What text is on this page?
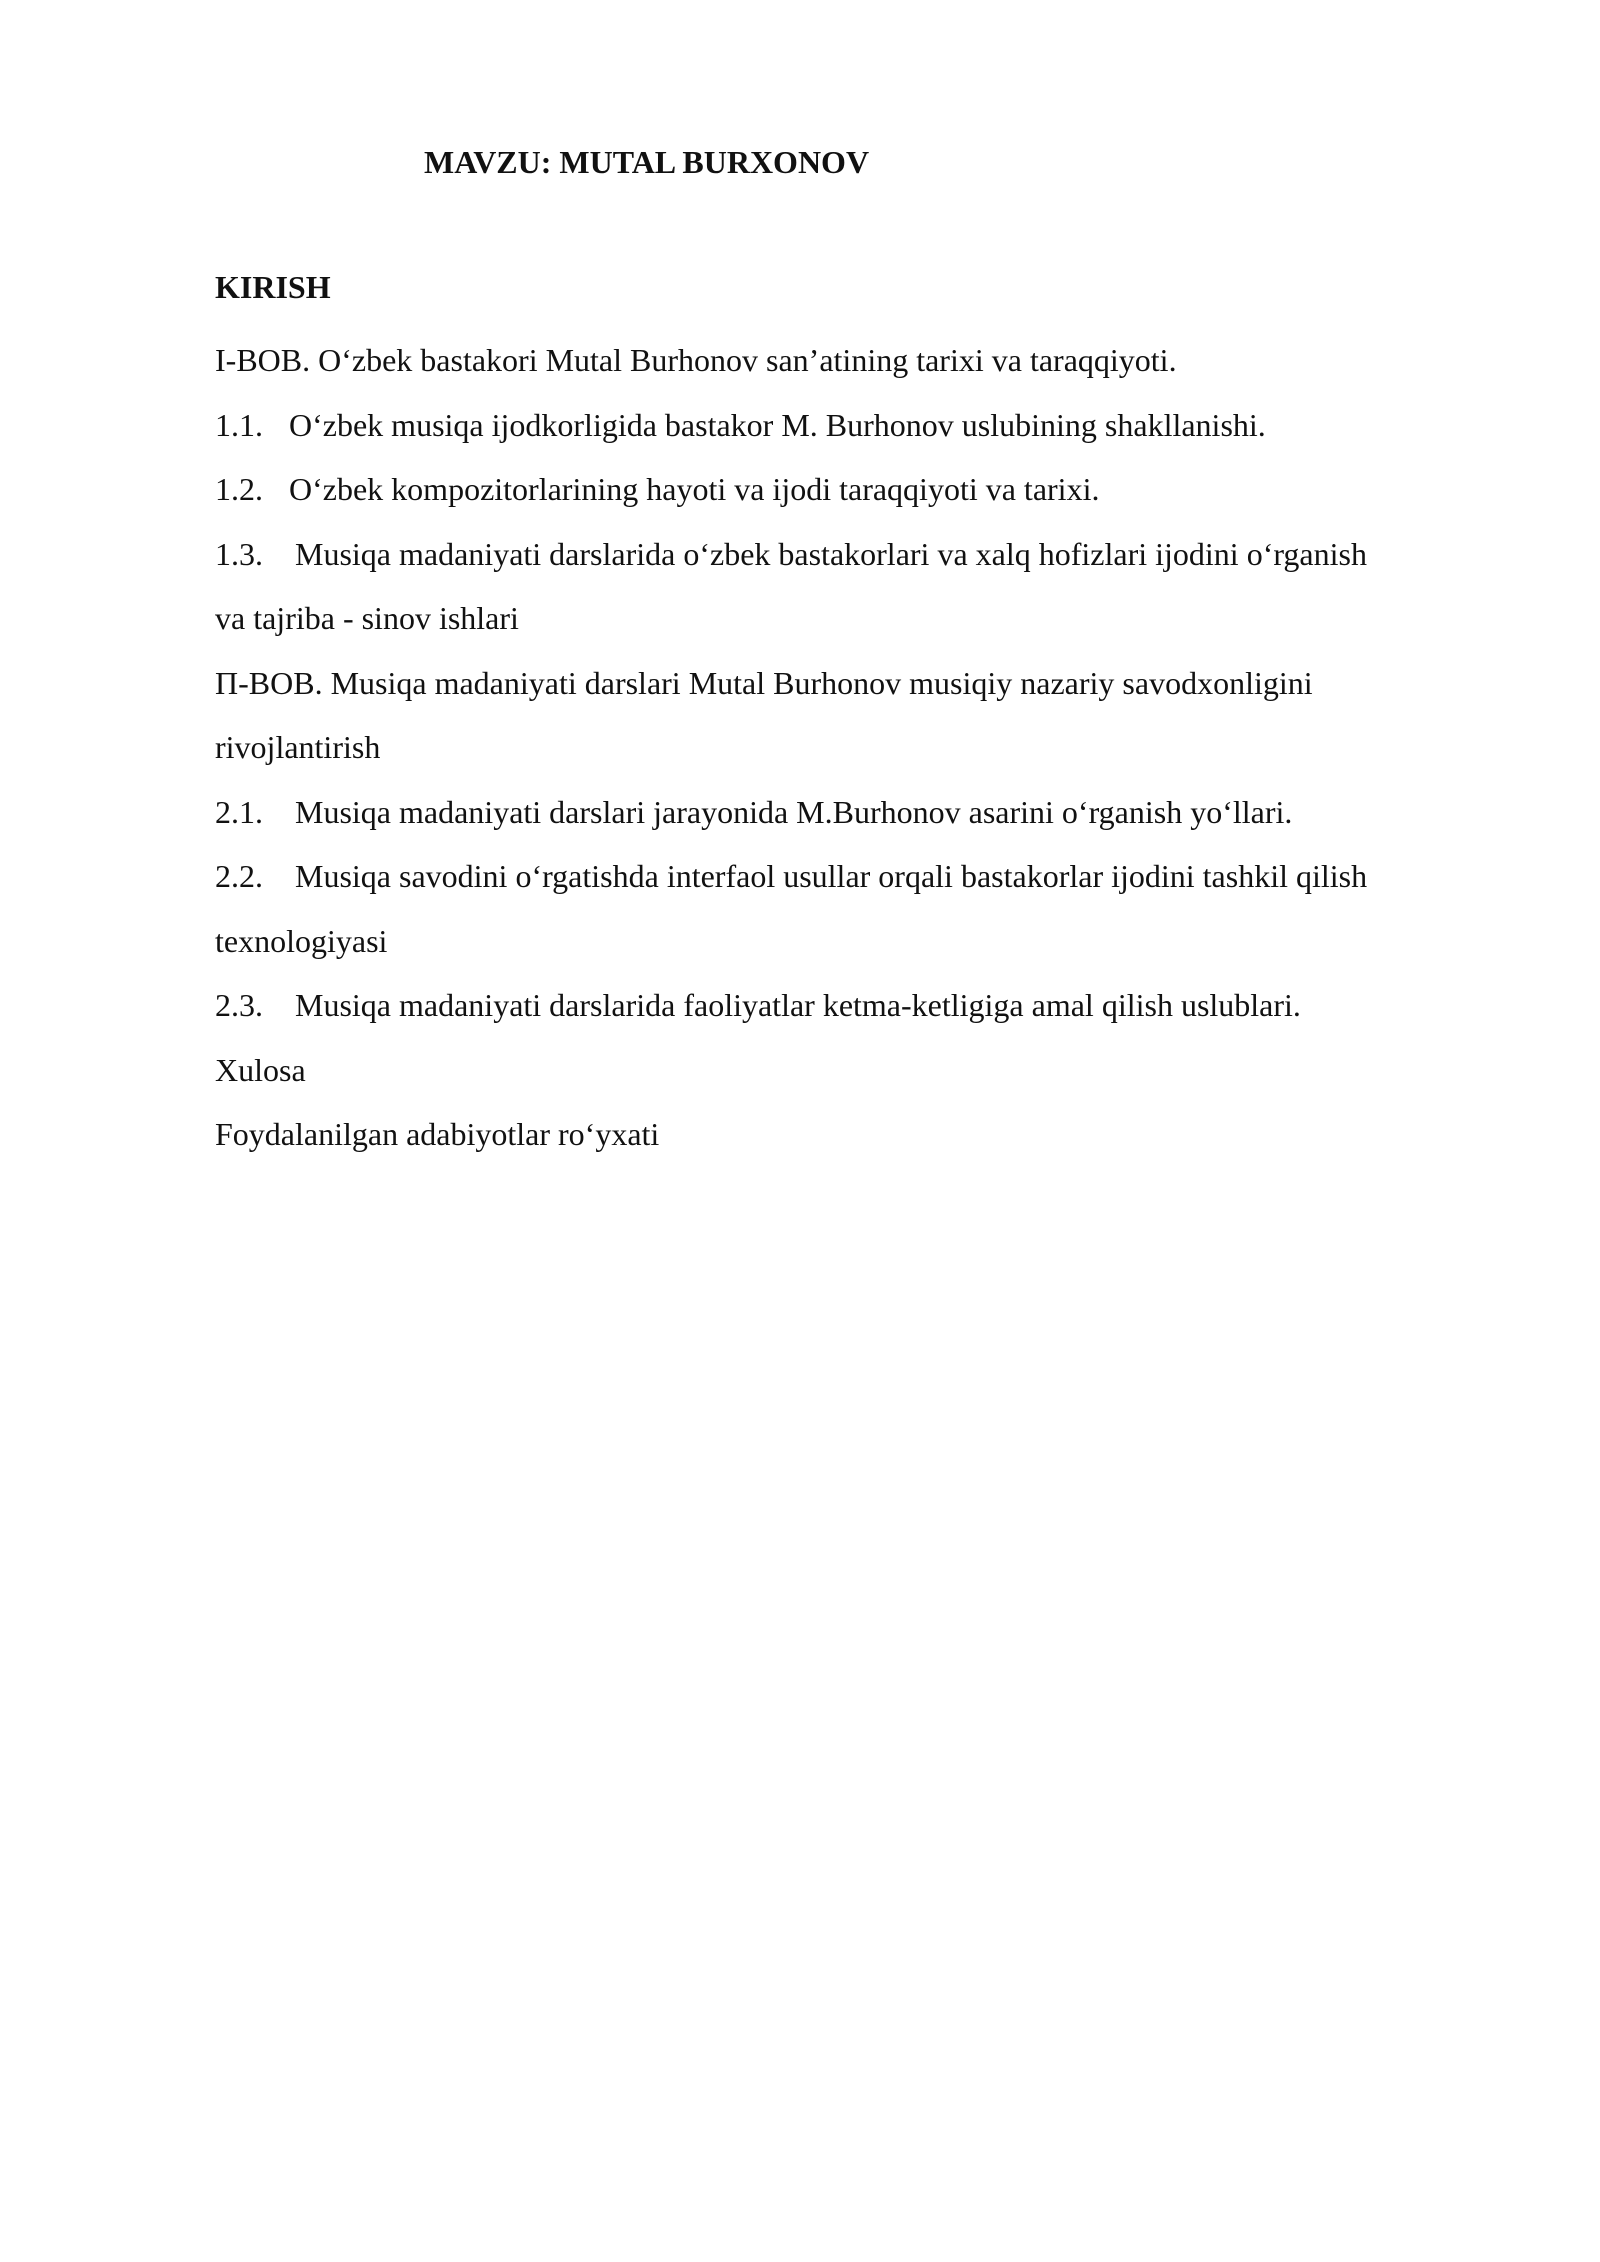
MAVZU: MUTAL BURXONOV
KIRISH

I-BOB. O‘zbek bastakori Mutal Burhonov san’atining tarixi va taraqqiyoti.

1.1. O‘zbek musiqa ijodkorligida bastakor M. Burhonov uslubining shakllanishi.

1.2. O‘zbek kompozitorlarining hayoti va ijodi taraqqiyoti va tarixi.

1.3. Musiqa madaniyati darslarida o‘zbek bastakorlari va xalq hofizlari ijodini o‘rganish

va tajriba - sinov ishlari

П-BOB. Musiqa madaniyati darslari Mutal Burhonov musiqiy nazariy savodxonligini

rivojlantirish

2.1. Musiqa madaniyati darslari jarayonida M.Burhonov asarini o‘rganish yo‘llari.

2.2. Musiqa savodini o‘rgatishda interfaol usullar orqali bastakorlar ijodini tashkil qilish

texnologiyasi

2.3. Musiqa madaniyati darslarida faoliyatlar ketma-ketligiga amal qilish uslublari.

Xulosa

Foydalanilgan adabiyotlar ro‘yxati
